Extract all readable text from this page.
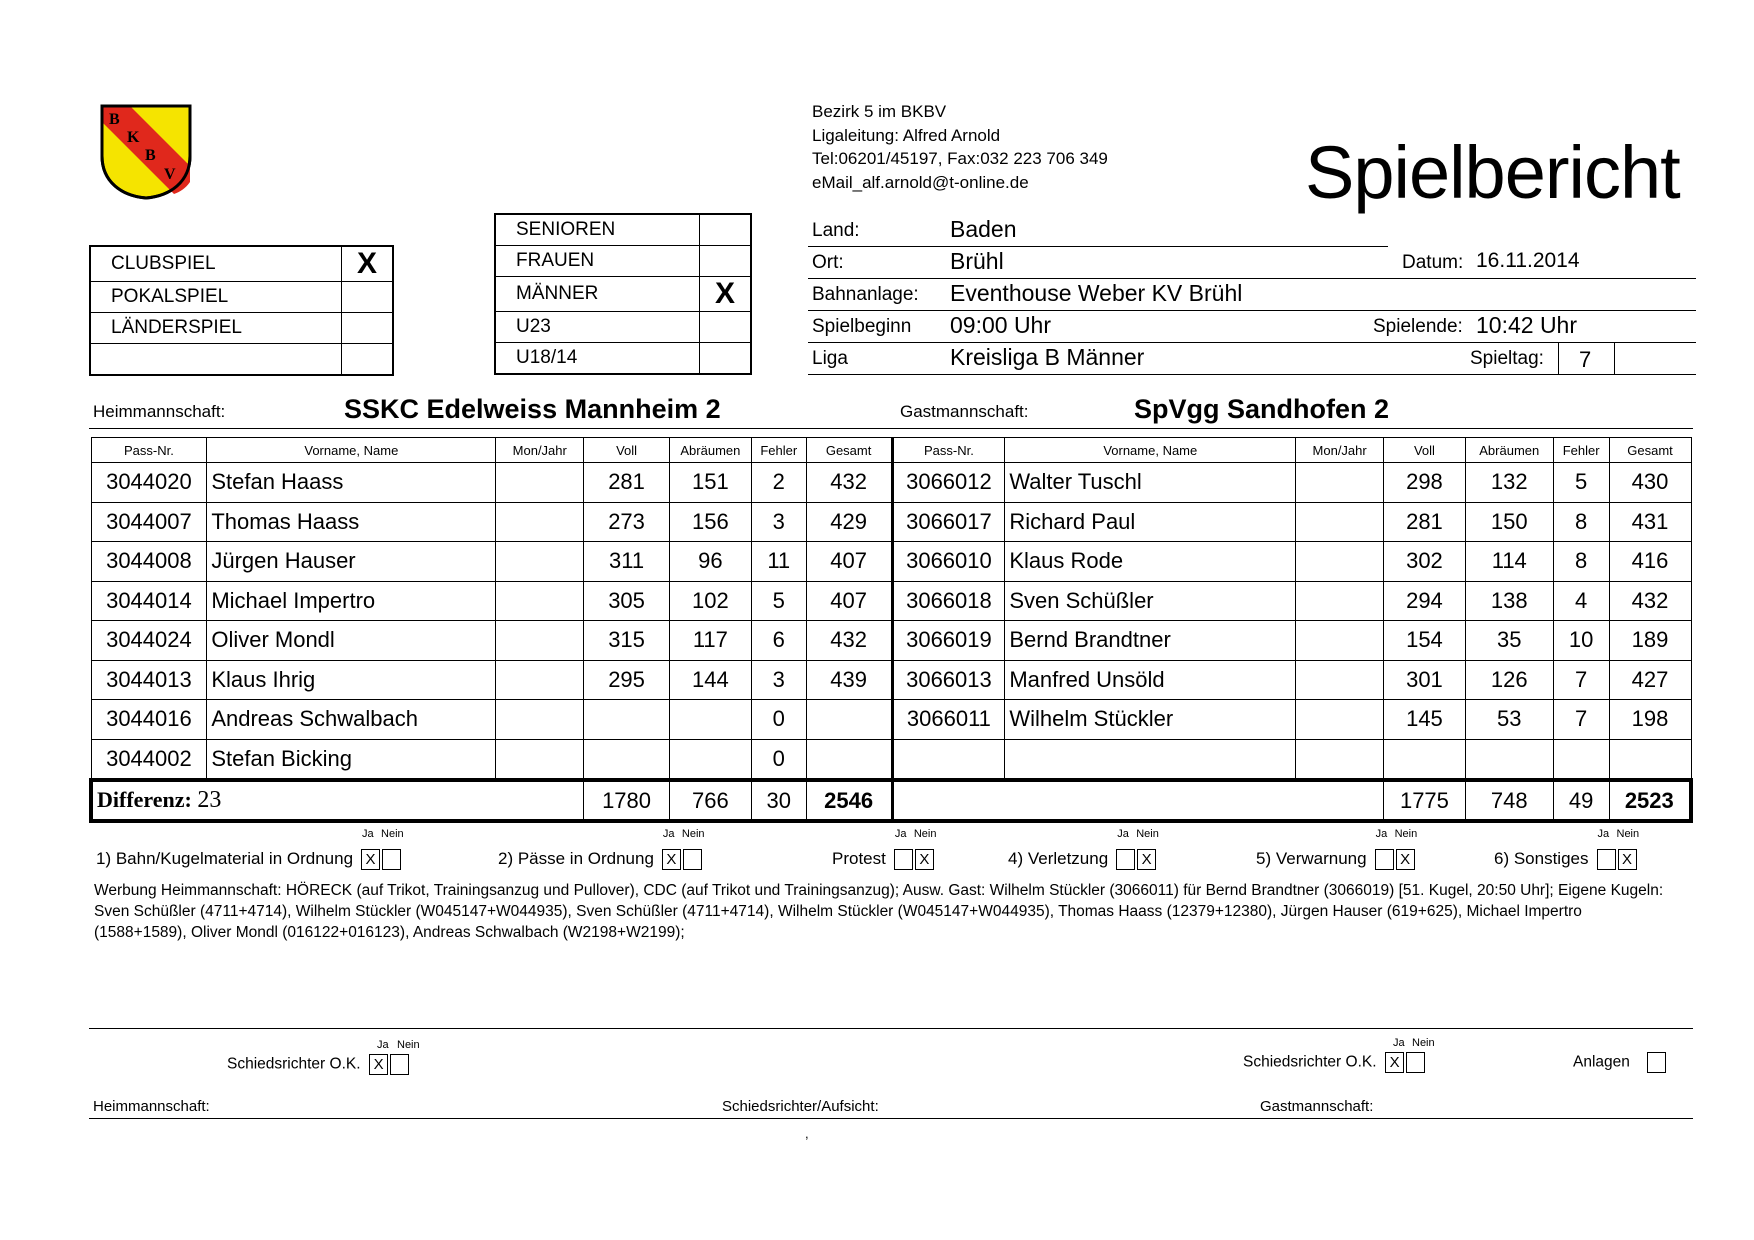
B
K
B
V
Bezirk 5 im BKBV
Ligaleitung: Alfred Arnold
Tel:06201/45197, Fax:032 223 706 349
eMail_alf.arnold@t-online.de	Spielbericht
CLUBSPIEL	X
POKALSPIEL	
LÄNDERSPIEL	

SENIOREN	
FRAUEN	
MÄNNER	X
U23	
U18/14	
Land:	Baden
Ort:	Brühl	Datum: 16.11.2014
Bahnanlage: Eventhouse Weber KV Brühl
Spielbeginn 09:00 Uhr	Spielende: 10:42 Uhr
Liga	Kreisliga B Männer	Spieltag: 7
Heimmannschaft:	SSKC Edelweiss Mannheim 2	Gastmannschaft:	SpVgg Sandhofen 2
Pass-Nr.	Vorname, Name	Mon/Jahr	Voll	Abräumen	Fehler	Gesamt	Pass-Nr.	Vorname, Name	Mon/Jahr	Voll	Abräumen	Fehler	Gesamt
3044020	Stefan Haass		281	151	2	432	3066012	Walter Tuschl		298	132	5	430
3044007	Thomas Haass		273	156	3	429	3066017	Richard Paul		281	150	8	431
3044008	Jürgen Hauser		311	96	11	407	3066010	Klaus Rode		302	114	8	416
3044014	Michael Impertro		305	102	5	407	3066018	Sven Schüßler		294	138	4	432
3044024	Oliver Mondl		315	117	6	432	3066019	Bernd Brandtner		154	35	10	189
3044013	Klaus Ihrig		295	144	3	439	3066013	Manfred Unsöld		301	126	7	427
3044016	Andreas Schwalbach				0		3066011	Wilhelm Stückler		145	53	7	198
3044002	Stefan Bicking				0								
Differenz: 23			1780	766	30	2546				1775	748	49	2523
1) Bahn/Kugelmaterial in Ordnung X	2) Pässe in Ordnung X	Protest X	4) Verletzung X	5) Verwarnung X	6) Sonstiges X
Ja Nein	Ja Nein	Ja Nein	Ja Nein	Ja Nein	Ja Nein
Werbung Heimmannschaft: HÖRECK (auf Trikot, Trainingsanzug und Pullover), CDC (auf Trikot und Trainingsanzug); Ausw. Gast: Wilhelm Stückler (3066011) für Bernd Brandtner (3066019) [51. Kugel, 20:50 Uhr]; Eigene Kugeln: Sven Schüßler (4711+4714), Wilhelm Stückler (W045147+W044935), Sven Schüßler (4711+4714), Wilhelm Stückler (W045147+W044935), Thomas Haass (12379+12380), Jürgen Hauser (619+625), Michael Impertro (1588+1589), Oliver Mondl (016122+016123), Andreas Schwalbach (W2198+W2199);
Ja Nein
Schiedsrichter O.K. X
Ja Nein
Schiedsrichter O.K. X	Anlagen
Heimmannschaft:	Schiedsrichter/Aufsicht:	Gastmannschaft:
,
